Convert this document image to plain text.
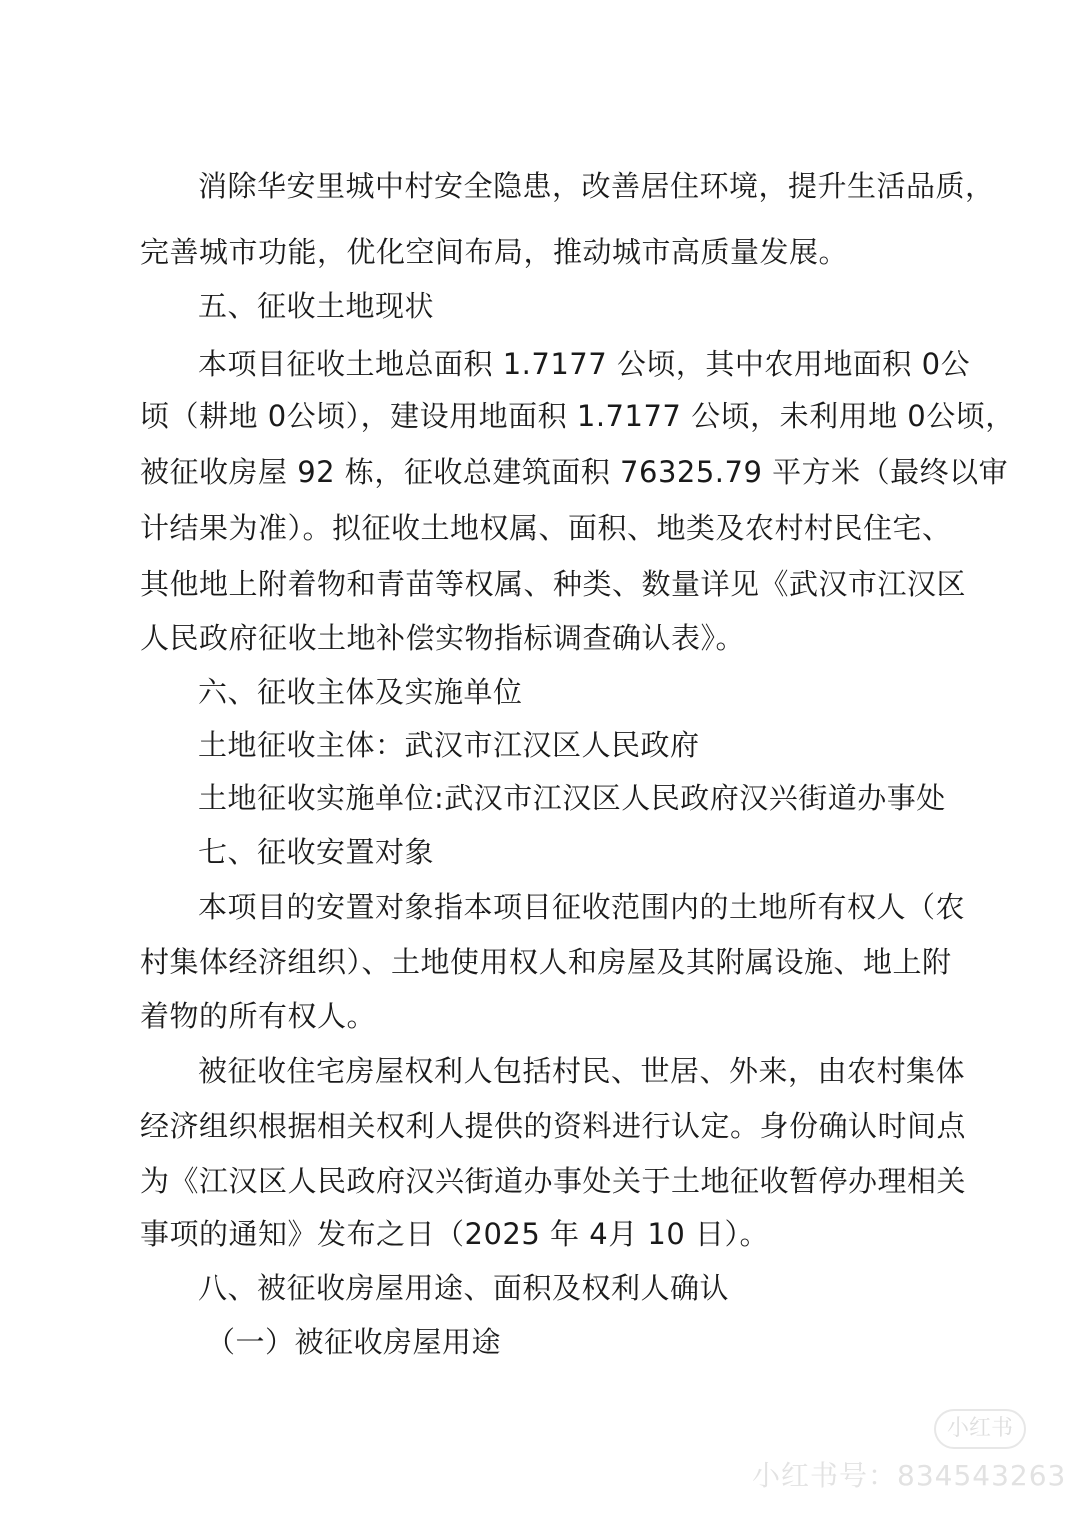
消除华安里城中村安全隐患，改善居住环境，提升生活品质，
完善城市功能，优化空间布局，推动城市高质量发展。
五、征收土地现状
本项目征收土地总面积 1.7177 公顷，其中农用地面积 0公
顷（耕地 0公顷），建设用地面积 1.7177 公顷，未利用地 0公顷，
被征收房屋 92 栋，征收总建筑面积 76325.79 平方米（最终以审
计结果为准）。拟征收土地权属、面积、地类及农村村民住宅、
其他地上附着物和青苗等权属、种类、数量详见《武汉市江汉区
人民政府征收土地补偿实物指标调查确认表》。
六、征收主体及实施单位
土地征收主体：武汉市江汉区人民政府
土地征收实施单位:武汉市江汉区人民政府汉兴街道办事处
七、征收安置对象
本项目的安置对象指本项目征收范围内的土地所有权人（农
村集体经济组织）、土地使用权人和房屋及其附属设施、地上附
着物的所有权人。
被征收住宅房屋权利人包括村民、世居、外来，由农村集体
经济组织根据相关权利人提供的资料进行认定。身份确认时间点
为《江汉区人民政府汉兴街道办事处关于土地征收暂停办理相关
事项的通知》发布之日（2025 年 4月 10 日）。
八、被征收房屋用途、面积及权利人确认
（一）被征收房屋用途
小红书
小红书号：834543263
